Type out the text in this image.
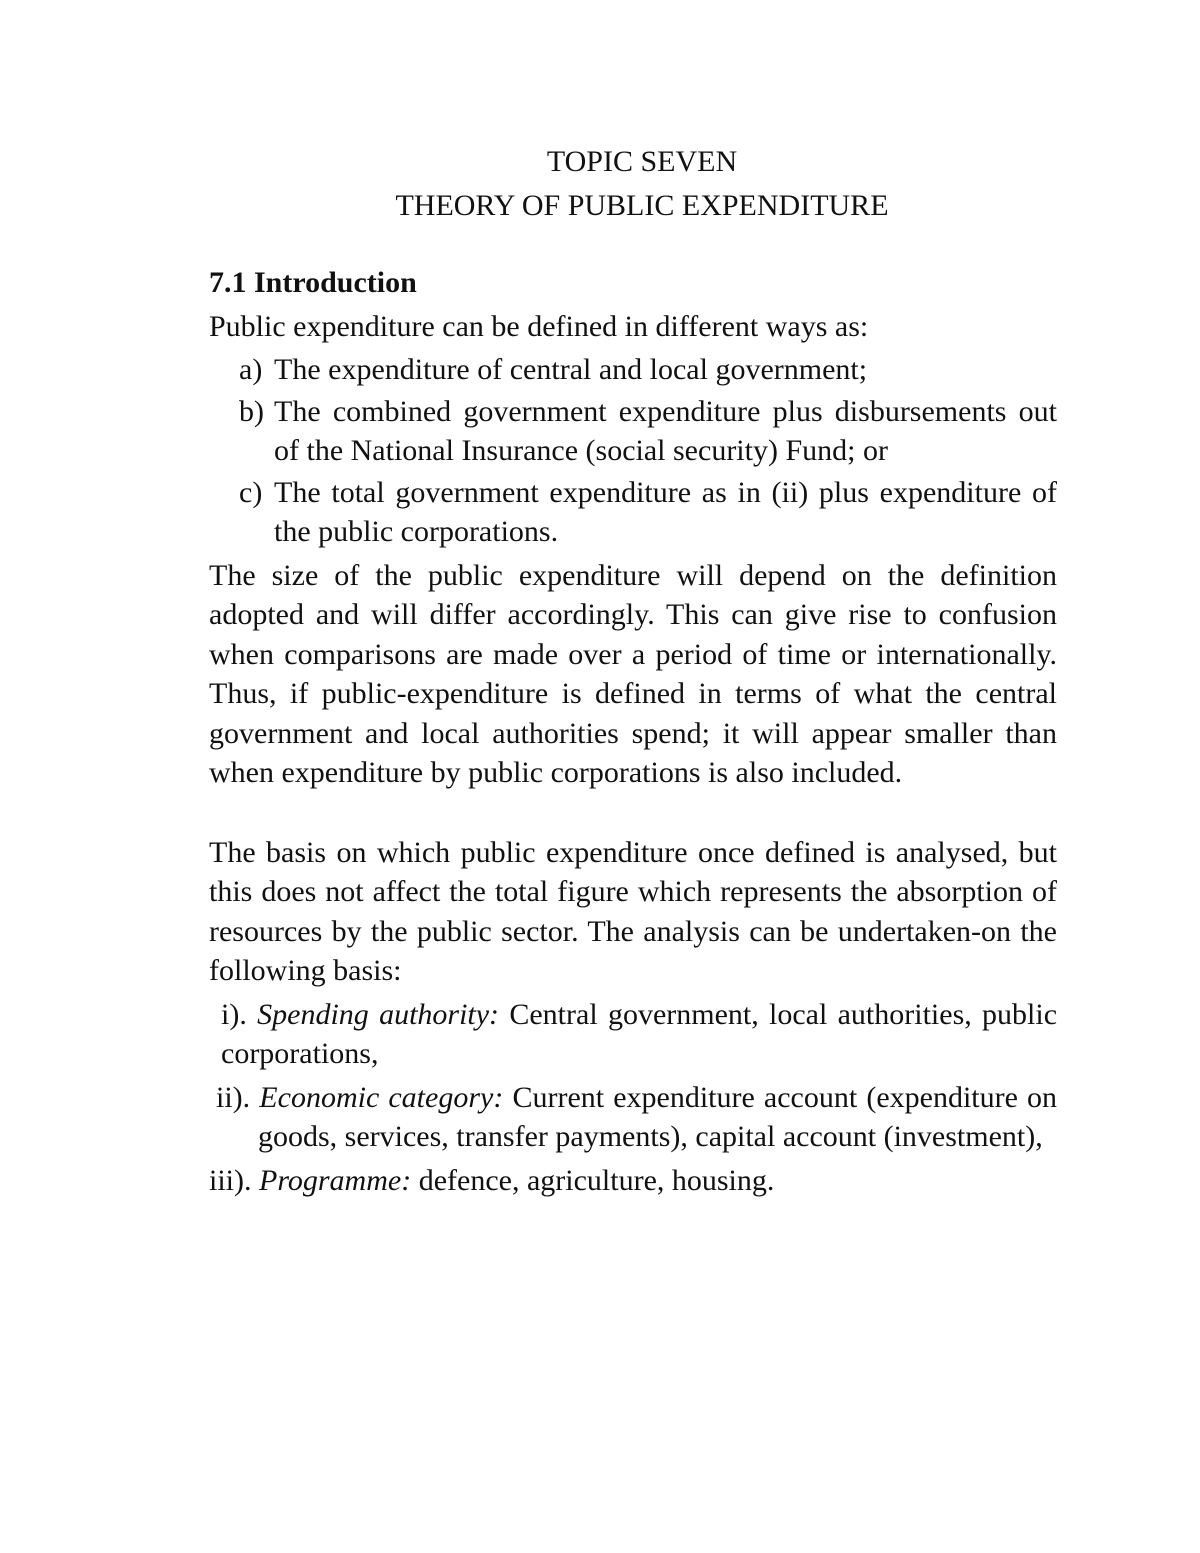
TOPIC SEVEN
THEORY OF PUBLIC EXPENDITURE
7.1 Introduction

Public expenditure can be defined in different ways as:

a) The expenditure of central and local government;
b) The combined government expenditure plus disbursements out of the National Insurance (social security) Fund; or
c) The total government expenditure as in (ii) plus expenditure of the public corporations.

The size of the public expenditure will depend on the definition adopted and will differ accordingly. This can give rise to confusion when comparisons are made over a period of time or internationally. Thus, if public-expenditure is defined in terms of what the central government and local authorities spend; it will appear smaller than when expenditure by public corporations is also included.

The basis on which public expenditure once defined is analysed, but this does not affect the total figure which represents the absorption of resources by the public sector. The analysis can be undertaken-on the following basis:

i). Spending authority: Central government, local authorities, public corporations,
ii). Economic category: Current expenditure account (expenditure on goods, services, transfer payments), capital account (investment),
iii). Programme: defence, agriculture, housing.
